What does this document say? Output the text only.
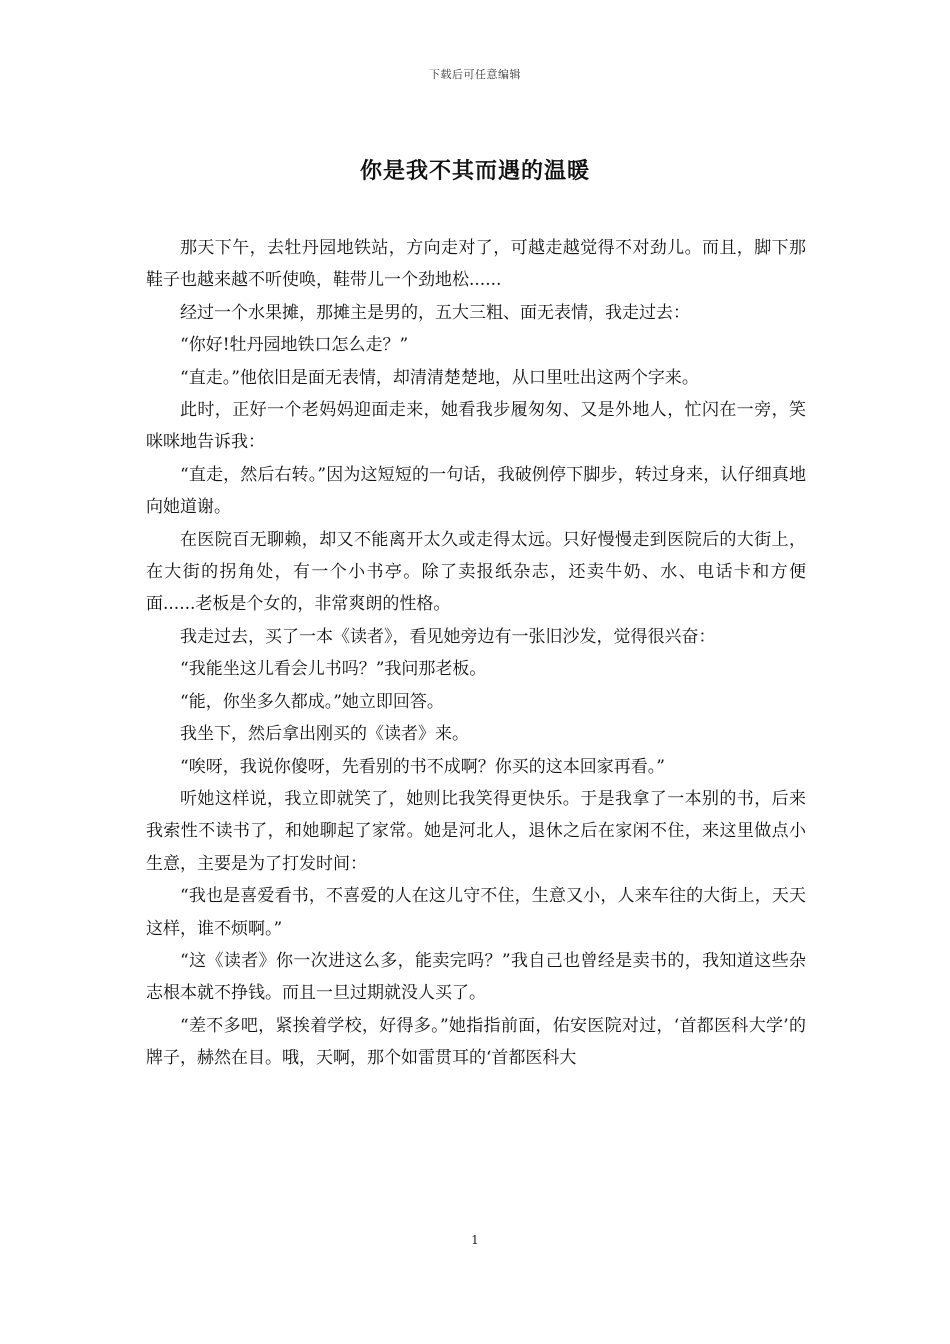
下载后可任意编辑
你是我不其而遇的温暖

那天下午，去牡丹园地铁站，方向走对了，可越走越觉得不对劲儿。而且，脚下那鞋子也越来越不听使唤，鞋带儿一个劲地松......

经过一个水果摊，那摊主是男的，五大三粗、面无表情，我走过去：

“你好!牡丹园地铁口怎么走？”

“直走。”他依旧是面无表情，却清清楚楚地，从口里吐出这两个字来。

此时，正好一个老妈妈迎面走来，她看我步履匆匆、又是外地人，忙闪在一旁，笑咪咪地告诉我：

“直走，然后右转。”因为这短短的一句话，我破例停下脚步，转过身来，认仔细真地向她道谢。

在医院百无聊赖，却又不能离开太久或走得太远。只好慢慢走到医院后的大街上，在大街的拐角处，有一个小书亭。除了卖报纸杂志，还卖牛奶、水、电话卡和方便面......老板是个女的，非常爽朗的性格。

我走过去，买了一本《读者》，看见她旁边有一张旧沙发，觉得很兴奋：

“我能坐这儿看会儿书吗？”我问那老板。

“能，你坐多久都成。”她立即回答。

我坐下，然后拿出刚买的《读者》来。

“唉呀，我说你傻呀，先看别的书不成啊？你买的这本回家再看。”

听她这样说，我立即就笑了，她则比我笑得更快乐。于是我拿了一本别的书，后来我索性不读书了，和她聊起了家常。她是河北人，退休之后在家闲不住，来这里做点小生意，主要是为了打发时间：

“我也是喜爱看书，不喜爱的人在这儿守不住，生意又小，人来车往的大街上，天天这样，谁不烦啊。”

“这《读者》你一次进这么多，能卖完吗？”我自己也曾经是卖书的，我知道这些杂志根本就不挣钱。而且一旦过期就没人买了。

“差不多吧，紧挨着学校，好得多。”她指指前面，佑安医院对过，‘首都医科大学’的牌子，赫然在目。哦，天啊，那个如雷贯耳的‘首都医科大

1
